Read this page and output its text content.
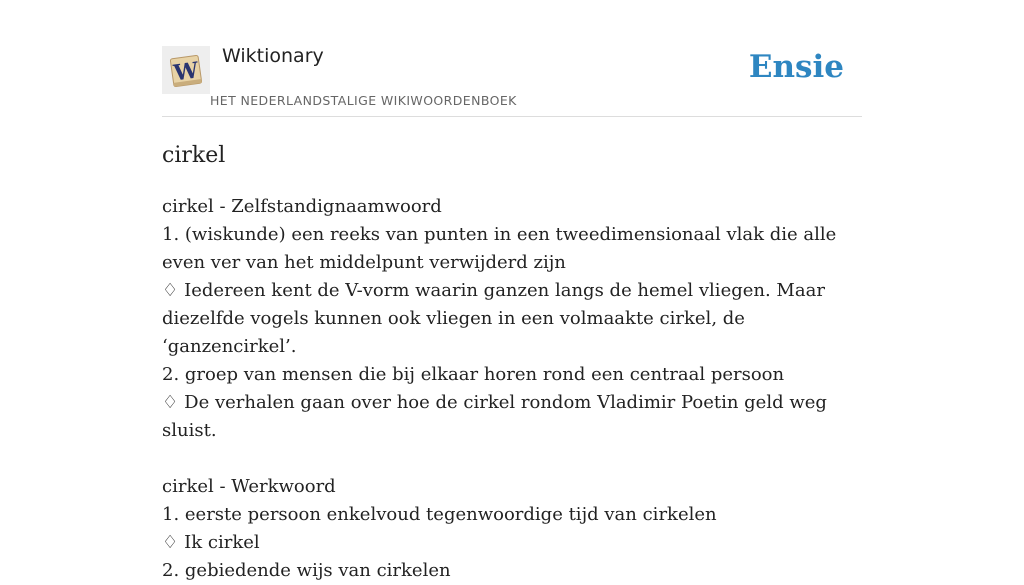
W
Wiktionary
HET NEDERLANDSTALIGE WIKIWOORDENBOEK
Ensie
cirkel
cirkel - Zelfstandignaamwoord
1. (wiskunde) een reeks van punten in een tweedimensionaal vlak die alle even ver van het middelpunt verwijderd zijn
♢ Iedereen kent de V-vorm waarin ganzen langs de hemel vliegen. Maar diezelfde vogels kunnen ook vliegen in een volmaakte cirkel, de ‘ganzencirkel’.
2. groep van mensen die bij elkaar horen rond een centraal persoon
♢ De verhalen gaan over hoe de cirkel rondom Vladimir Poetin geld weg sluist.
cirkel - Werkwoord
1. eerste persoon enkelvoud tegenwoordige tijd van cirkelen
♢ Ik cirkel
2. gebiedende wijs van cirkelen
